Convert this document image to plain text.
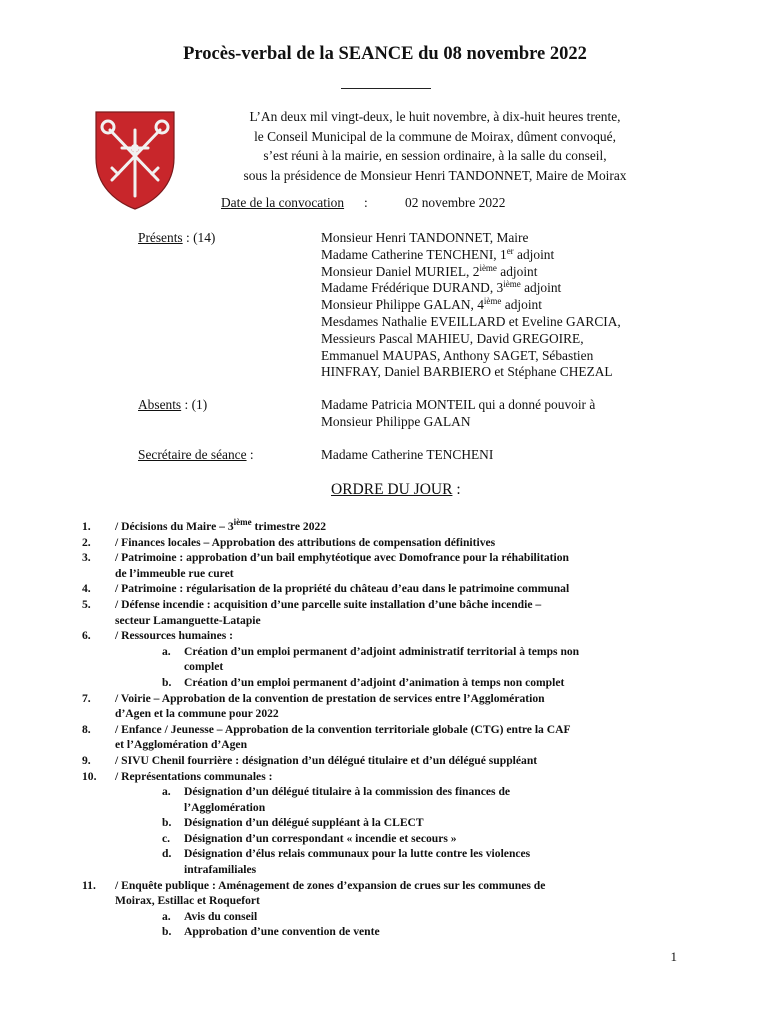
Procès-verbal de la SEANCE du 08 novembre 2022
L’An deux mil vingt-deux, le huit novembre, à dix-huit heures trente,
le Conseil Municipal de la commune de Moirax, dûment convoqué,
s’est réuni à la mairie, en session ordinaire, à la salle du conseil,
sous la présidence de Monsieur Henri TANDONNET, Maire de Moirax
Date de la convocation :	02 novembre 2022
Présents : (14)	Monsieur Henri TANDONNET, Maire
Madame Catherine TENCHENI, 1er adjoint
Monsieur Daniel MURIEL, 2ième adjoint
Madame Frédérique DURAND, 3ième adjoint
Monsieur Philippe GALAN, 4ième adjoint
Mesdames Nathalie EVEILLARD et Eveline GARCIA,
Messieurs Pascal MAHIEU, David GREGOIRE,
Emmanuel MAUPAS, Anthony SAGET, Sébastien
HINFRAY, Daniel BARBIERO et Stéphane CHEZAL
Absents : (1)	Madame Patricia MONTEIL qui a donné pouvoir à
Monsieur Philippe GALAN
Secrétaire de séance :	Madame Catherine TENCHENI
ORDRE DU JOUR :
1.	/ Décisions du Maire – 3ième trimestre 2022
2.	/ Finances locales – Approbation des attributions de compensation définitives
3.	/ Patrimoine : approbation d’un bail emphytéotique avec Domofrance pour la réhabilitation
de l’immeuble rue curet
4.	/ Patrimoine : régularisation de la propriété du château d’eau dans le patrimoine communal
5.	/ Défense incendie : acquisition d’une parcelle suite installation d’une bâche incendie –
secteur Lamanguette-Latapie
6.	/ Ressources humaines :
a. Création d’un emploi permanent d’adjoint administratif territorial à temps non
complet
b. Création d’un emploi permanent d’adjoint d’animation à temps non complet
7.	/ Voirie – Approbation de la convention de prestation de services entre l’Agglomération
d’Agen et la commune pour 2022
8.	/ Enfance / Jeunesse – Approbation de la convention territoriale globale (CTG) entre la CAF
et l’Agglomération d’Agen
9.	/ SIVU Chenil fourrière : désignation d’un délégué titulaire et d’un délégué suppléant
10.	/ Représentations communales :
a. Désignation d’un délégué titulaire à la commission des finances de
l’Agglomération
b. Désignation d’un délégué suppléant à la CLECT
c. Désignation d’un correspondant « incendie et secours »
d. Désignation d’élus relais communaux pour la lutte contre les violences
intrafamiliales
11.	/ Enquête publique : Aménagement de zones d’expansion de crues sur les communes de
Moirax, Estillac et Roquefort
a. Avis du conseil
b. Approbation d’une convention de vente
1
